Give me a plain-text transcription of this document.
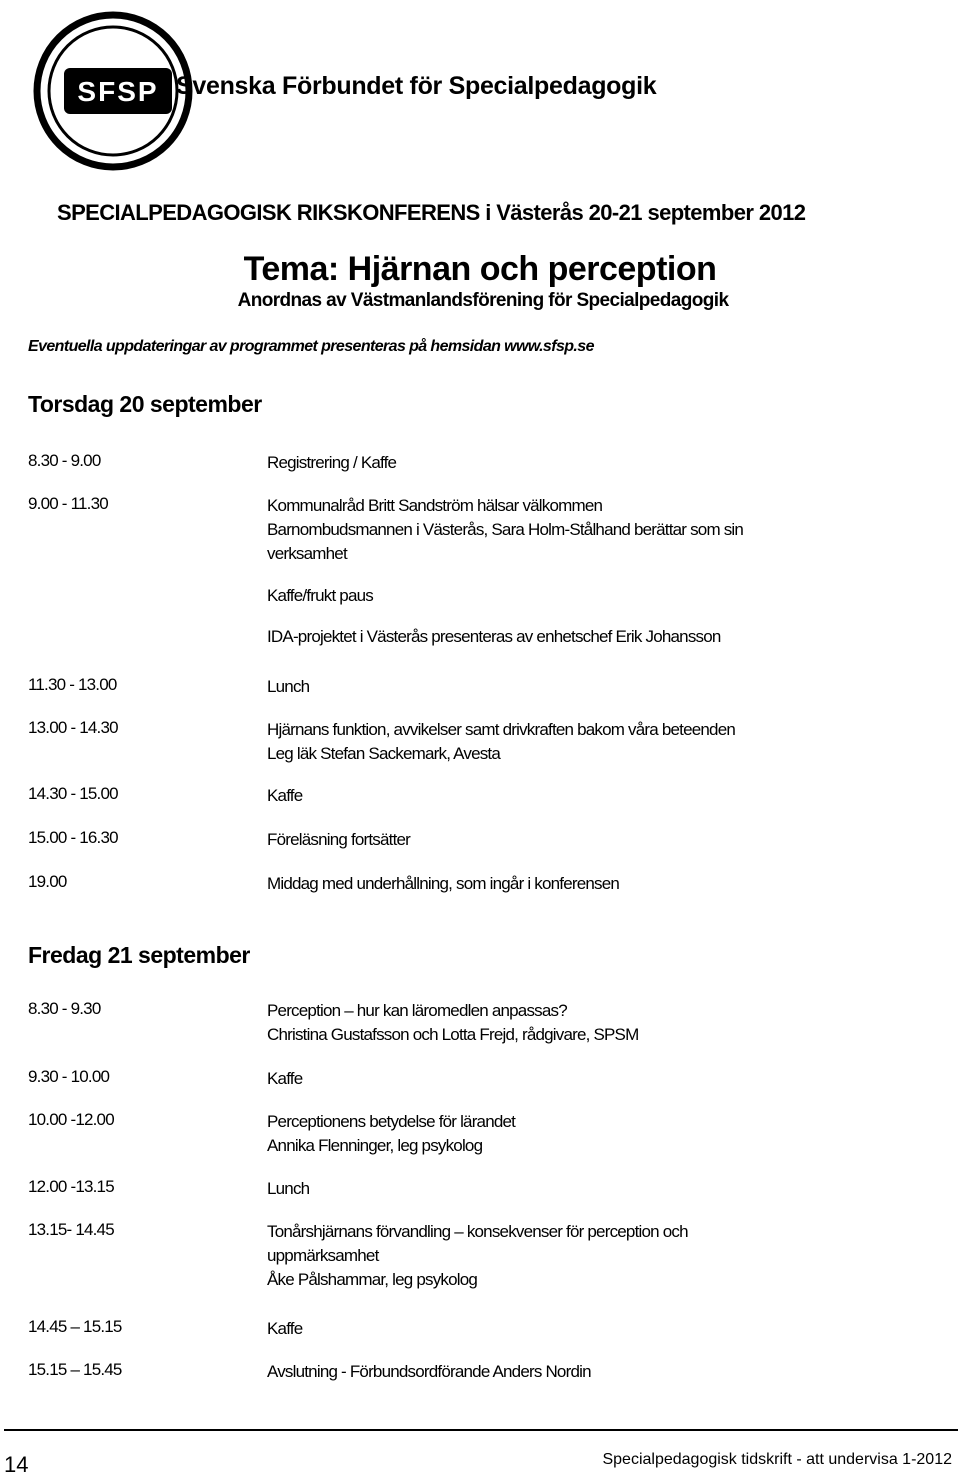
SFSP Svenska Förbundet för Specialpedagogik
SPECIALPEDAGOGISK RIKSKONFERENS i Västerås 20-21 september 2012
Tema: Hjärnan och perception
Anordnas av Västmanlandsförening för Specialpedagogik
Eventuella uppdateringar av programmet presenteras på hemsidan www.sfsp.se
Torsdag 20 september
Fredag 21 september
8.30 - 9.00	Registrering / Kaffe
9.00 - 11.30	Kommunalråd Britt Sandström hälsar välkommen
Barnombudsmannen i Västerås, Sara Holm-Stålhand berättar som sin
verksamhet
Kaffe/frukt paus
IDA-projektet i Västerås presenteras av enhetschef Erik Johansson
11.30 - 13.00	Lunch
13.00 - 14.30	Hjärnans funktion, avvikelser samt drivkraften bakom våra beteenden
Leg läk Stefan Sackemark, Avesta
14.30 - 15.00	Kaffe
15.00 - 16.30	Föreläsning fortsätter
19.00	Middag med underhållning, som ingår i konferensen
8.30 - 9.30	Perception – hur kan läromedlen anpassas?
Christina Gustafsson och Lotta Frejd, rådgivare, SPSM
9.30 - 10.00	Kaffe
10.00 -12.00	Perceptionens betydelse för lärandet
Annika Flenninger, leg psykolog
12.00 -13.15	Lunch
13.15- 14.45	Tonårshjärnans förvandling – konsekvenser för perception och
uppmärksamhet
Åke Pålshammar, leg psykolog
14.45 – 15.15	Kaffe
15.15 – 15.45	Avslutning - Förbundsordförande Anders Nordin
14	Specialpedagogisk tidskrift - att undervisa 1-2012
